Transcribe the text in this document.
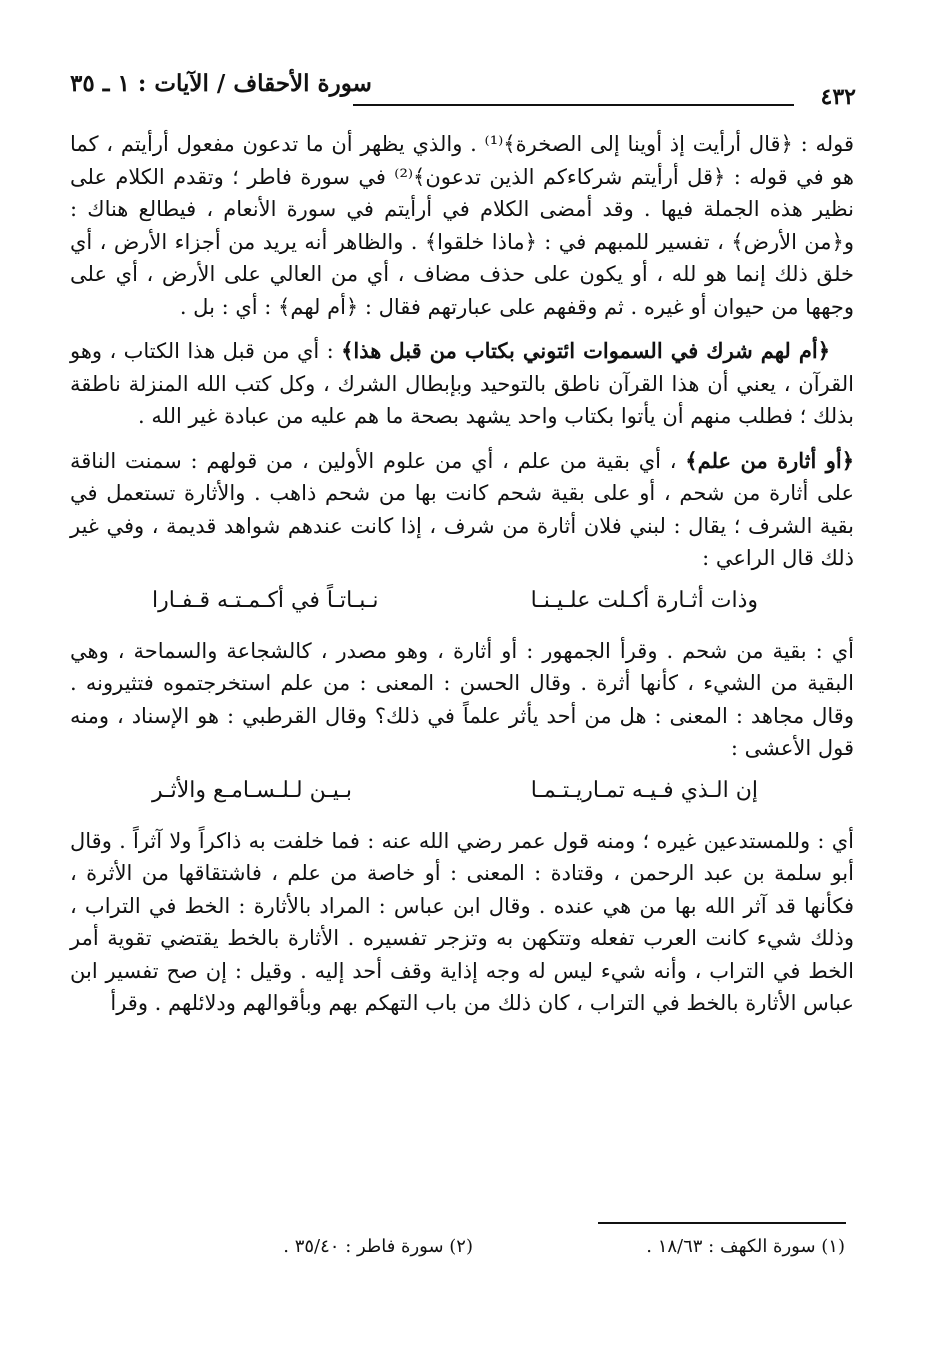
٤٣٢
سورة الأحقاف / الآيات : ١ ـ ٣٥

قوله : ﴿قال أرأيت إذ أوينا إلى الصخرة﴾⁽¹⁾ . والذي يظهر أن ما تدعون مفعول أرأيتم ، كما هو في قوله : ﴿قل أرأيتم شركاءكم الذين تدعون﴾⁽²⁾ في سورة فاطر ؛ وتقدم الكلام على نظير هذه الجملة فيها . وقد أمضى الكلام في أرأيتم في سورة الأنعام ، فيطالع هناك : و﴿من الأرض﴾ ، تفسير للمبهم في : ﴿ماذا خلقوا﴾ . والظاهر أنه يريد من أجزاء الأرض ، أي خلق ذلك إنما هو لله ، أو يكون على حذف مضاف ، أي من العالي على الأرض ، أي على وجهها من حيوان أو غيره . ثم وقفهم على عبارتهم فقال : ﴿أم لهم﴾ : أي : بل .

﴿أم لهم شرك في السموات ائتوني بكتاب من قبل هذا﴾ : أي من قبل هذا الكتاب ، وهو القرآن ، يعني أن هذا القرآن ناطق بالتوحيد وبإبطال الشرك ، وكل كتب الله المنزلة ناطقة بذلك ؛ فطلب منهم أن يأتوا بكتاب واحد يشهد بصحة ما هم عليه من عبادة غير الله .

﴿أو أثارة من علم﴾ ، أي بقية من علم ، أي من علوم الأولين ، من قولهم : سمنت الناقة على أثارة من شحم ، أو على بقية شحم كانت بها من شحم ذاهب . والأثارة تستعمل في بقية الشرف ؛ يقال : لبني فلان أثارة من شرف ، إذا كانت عندهم شواهد قديمة ، وفي غير ذلك قال الراعي :

وذات أثـارة أكـلت علـيـنـا
نـبـاتـاً في أكـمـتـه قـفـارا

أي : بقية من شحم . وقرأ الجمهور : أو أثارة ، وهو مصدر ، كالشجاعة والسماحة ، وهي البقية من الشيء ، كأنها أثرة . وقال الحسن : المعنى : من علم استخرجتموه فتثيرونه . وقال مجاهد : المعنى : هل من أحد يأثر علماً في ذلك؟ وقال القرطبي : هو الإسناد ، ومنه قول الأعشى :

إن الـذي فـيـه تمـاريـتـمـا
بـيـن لـلـسـامـع والأثـر

أي : وللمستدعين غيره ؛ ومنه قول عمر رضي الله عنه : فما خلفت به ذاكراً ولا آثراً . وقال أبو سلمة بن عبد الرحمن ، وقتادة : المعنى : أو خاصة من علم ، فاشتقاقها من الأثرة ، فكأنها قد آثر الله بها من هي عنده . وقال ابن عباس : المراد بالأثارة : الخط في التراب ، وذلك شيء كانت العرب تفعله وتتكهن به وتزجر تفسيره . الأثارة بالخط يقتضي تقوية أمر الخط في التراب ، وأنه شيء ليس له وجه إذاية وقف أحد إليه . وقيل : إن صح تفسير ابن عباس الأثارة بالخط في التراب ، كان ذلك من باب التهكم بهم وبأقوالهم ودلائلهم . وقرأ

(١) سورة الكهف : ١٨/٦٣ .
(٢) سورة فاطر : ٣٥/٤٠ .
